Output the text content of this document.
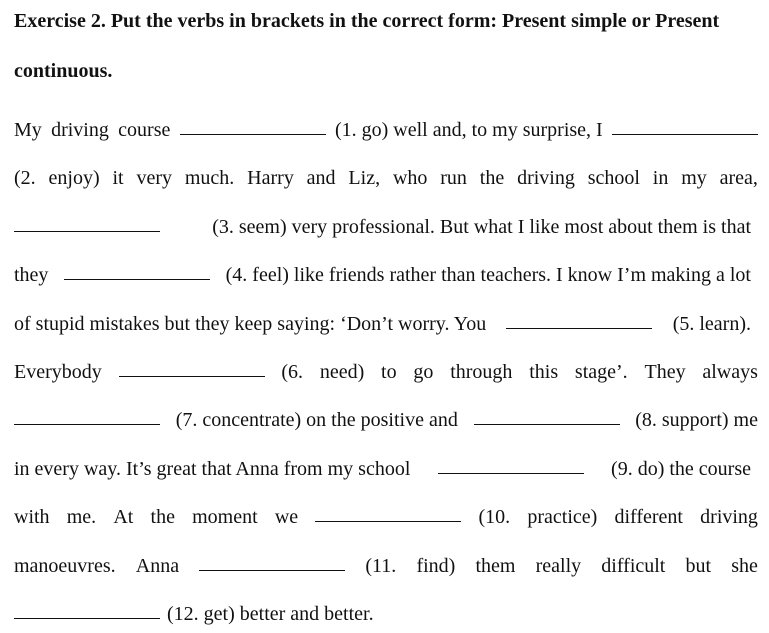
Exercise 2. Put the verbs in brackets in the correct form: Present simple or Present
continuous.
My driving course	(1. go) well and, to my surprise, I
(2. enjoy) it very much. Harry and Liz, who run the driving school in my area,
(3. seem) very professional. But what I like most about them is that
they	(4. feel) like friends rather than teachers. I know I’m making a lot
of stupid mistakes but they keep saying: ‘Don’t worry. You	(5. learn).
Everybody	(6. need) to go through this stage’. They always
(7. concentrate) on the positive and	(8. support) me
in every way. It’s great that Anna from my school	(9. do) the course
with me. At the moment we	(10. practice) different driving
manoeuvres. Anna	(11. find) them really difficult but she
(12. get) better and better.
